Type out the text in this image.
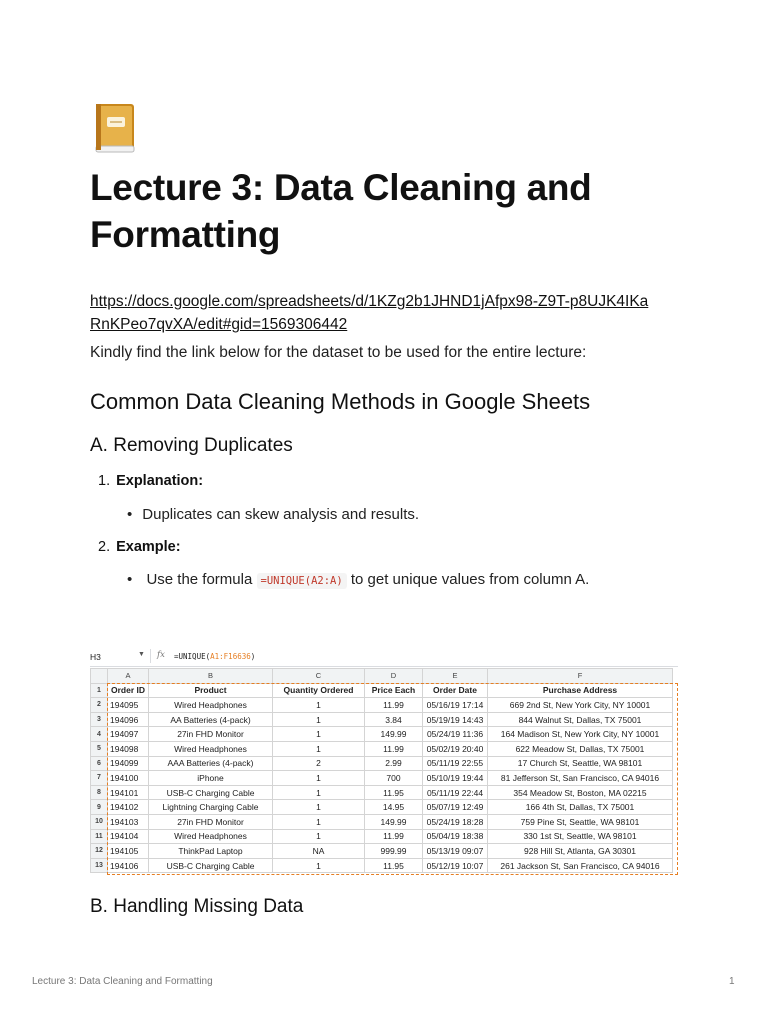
Lecture 3: Data Cleaning and Formatting
https://docs.google.com/spreadsheets/d/1KZg2b1JHND1jAfpx98-Z9T-p8UJK4IKaRnKPeo7qvXA/edit#gid=1569306442
Kindly find the link below for the dataset to be used for the entire lecture:
Common Data Cleaning Methods in Google Sheets
A. Removing Duplicates
1. Explanation:
• Duplicates can skew analysis and results.
2. Example:
• Use the formula =UNIQUE(A2:A) to get unique values from column A.
H3	▼ fx =UNIQUE(A1:F16636)
	A	B	C	D	E	F
1	Order ID	Product	Quantity Ordered	Price Each	Order Date	Purchase Address
2	194095	Wired Headphones	1	11.99	05/16/19 17:14	669 2nd St, New York City, NY 10001
3	194096	AA Batteries (4-pack)	1	3.84	05/19/19 14:43	844 Walnut St, Dallas, TX 75001
4	194097	27in FHD Monitor	1	149.99	05/24/19 11:36	164 Madison St, New York City, NY 10001
5	194098	Wired Headphones	1	11.99	05/02/19 20:40	622 Meadow St, Dallas, TX 75001
6	194099	AAA Batteries (4-pack)	2	2.99	05/11/19 22:55	17 Church St, Seattle, WA 98101
7	194100	iPhone	1	700	05/10/19 19:44	81 Jefferson St, San Francisco, CA 94016
8	194101	USB-C Charging Cable	1	11.95	05/11/19 22:44	354 Meadow St, Boston, MA 02215
9	194102	Lightning Charging Cable	1	14.95	05/07/19 12:49	166 4th St, Dallas, TX 75001
10	194103	27in FHD Monitor	1	149.99	05/24/19 18:28	759 Pine St, Seattle, WA 98101
11	194104	Wired Headphones	1	11.99	05/04/19 18:38	330 1st St, Seattle, WA 98101
12	194105	ThinkPad Laptop	NA	999.99	05/13/19 09:07	928 Hill St, Atlanta, GA 30301
13	194106	USB-C Charging Cable	1	11.95	05/12/19 10:07	261 Jackson St, San Francisco, CA 94016
B. Handling Missing Data
Lecture 3: Data Cleaning and Formatting	1
